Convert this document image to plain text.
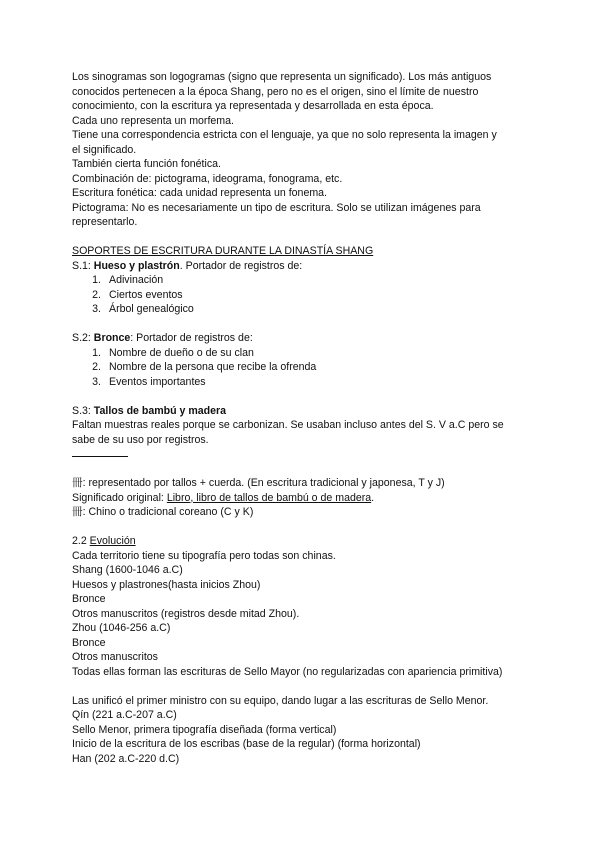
Los sinogramas son logogramas (signo que representa un significado). Los más antiguos
conocidos pertenecen a la época Shang, pero no es el origen, sino el límite de nuestro
conocimiento, con la escritura ya representada y desarrollada en esta época.
Cada uno representa un morfema.
Tiene una correspondencia estricta con el lenguaje, ya que no solo representa la imagen y
el significado.
También cierta función fonética.
Combinación de: pictograma, ideograma, fonograma, etc.
Escritura fonética: cada unidad representa un fonema.
Pictograma: No es necesariamente un tipo de escritura. Solo se utilizan imágenes para
representarlo.
SOPORTES DE ESCRITURA DURANTE LA DINASTÍA SHANG
S.1: Hueso y plastrón. Portador de registros de:
1. Adivinación
2. Ciertos eventos
3. Árbol genealógico
S.2: Bronce: Portador de registros de:
1. Nombre de dueño o de su clan
2. Nombre de la persona que recibe la ofrenda
3. Eventos importantes
S.3: Tallos de bambú y madera
Faltan muestras reales porque se carbonizan. Se usaban incluso antes del S. V a.C pero se
sabe de su uso por registros.
冊: representado por tallos + cuerda. (En escritura tradicional y japonesa, T y J)
Significado original: Libro, libro de tallos de bambú o de madera.
冊: Chino o tradicional coreano (C y K)
2.2 Evolución
Cada territorio tiene su tipografía pero todas son chinas.
Shang (1600-1046 a.C)
Huesos y plastrones(hasta inicios Zhou)
Bronce
Otros manuscritos (registros desde mitad Zhou).
Zhou (1046-256 a.C)
Bronce
Otros manuscritos
Todas ellas forman las escrituras de Sello Mayor (no regularizadas con apariencia primitiva)
Las unificó el primer ministro con su equipo, dando lugar a las escrituras de Sello Menor.
Qín (221 a.C-207 a.C)
Sello Menor, primera tipografía diseñada (forma vertical)
Inicio de la escritura de los escribas (base de la regular) (forma horizontal)
Han (202 a.C-220 d.C)
